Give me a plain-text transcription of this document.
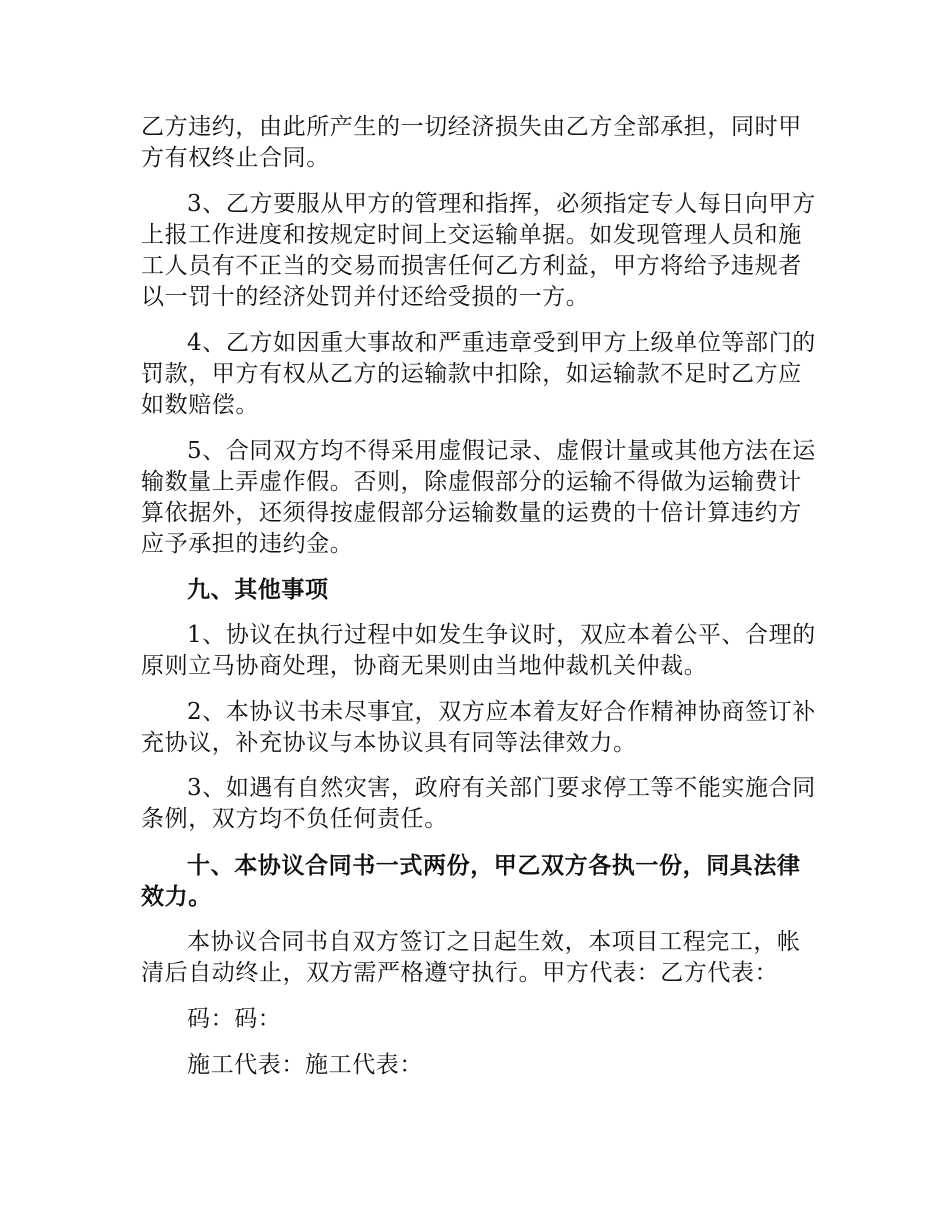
乙方违约，由此所产生的一切经济损失由乙方全部承担，同时甲方有权终止合同。

3、乙方要服从甲方的管理和指挥，必须指定专人每日向甲方上报工作进度和按规定时间上交运输单据。如发现管理人员和施工人员有不正当的交易而损害任何乙方利益，甲方将给予违规者以一罚十的经济处罚并付还给受损的一方。

4、乙方如因重大事故和严重违章受到甲方上级单位等部门的罚款，甲方有权从乙方的运输款中扣除，如运输款不足时乙方应如数赔偿。

5、合同双方均不得采用虚假记录、虚假计量或其他方法在运输数量上弄虚作假。否则，除虚假部分的运输不得做为运输费计算依据外，还须得按虚假部分运输数量的运费的十倍计算违约方应予承担的违约金。

九、其他事项

1、协议在执行过程中如发生争议时，双应本着公平、合理的原则立马协商处理，协商无果则由当地仲裁机关仲裁。

2、本协议书未尽事宜，双方应本着友好合作精神协商签订补充协议，补充协议与本协议具有同等法律效力。

3、如遇有自然灾害，政府有关部门要求停工等不能实施合同条例，双方均不负任何责任。

十、本协议合同书一式两份，甲乙双方各执一份，同具法律效力。

本协议合同书自双方签订之日起生效，本项目工程完工，帐清后自动终止，双方需严格遵守执行。甲方代表：乙方代表：

码：码：

施工代表：施工代表：
